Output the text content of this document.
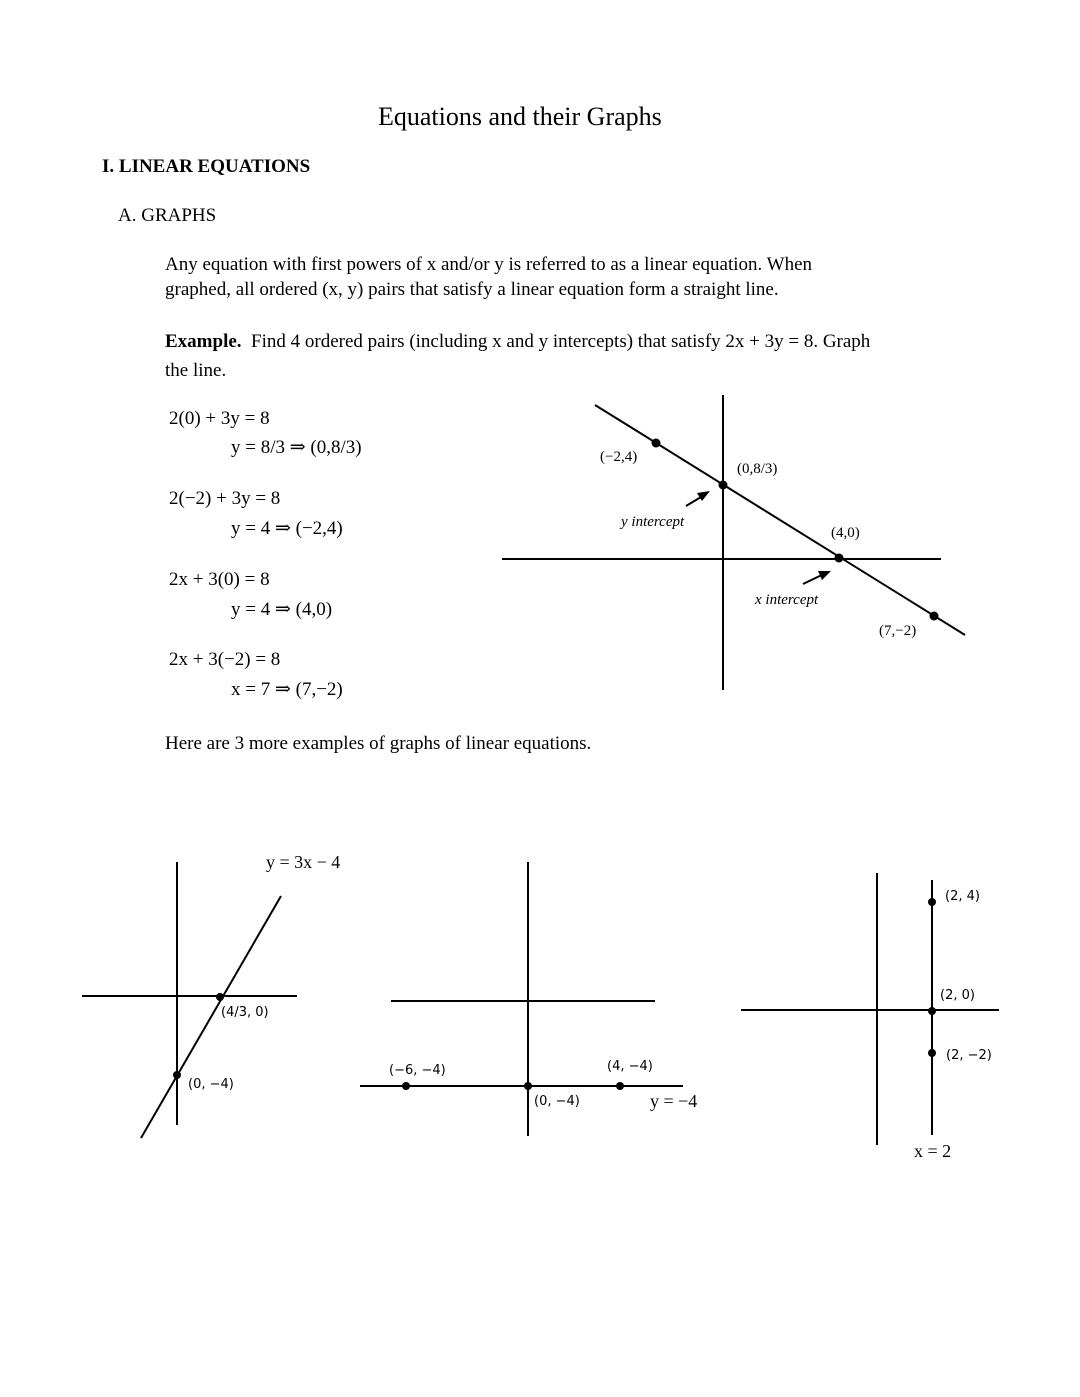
Equations and their Graphs
I. LINEAR EQUATIONS
A. GRAPHS
Any equation with first powers of x and/or y is referred to as a linear equation. When
graphed, all ordered (x, y) pairs that satisfy a linear equation form a straight line.
Example. Find 4 ordered pairs (including x and y intercepts) that satisfy 2x + 3y = 8. Graph
the line.
2(0) + 3y = 8
y = 8/3 ⇒ (0,8/3)
2(−2) + 3y = 8
y = 4 ⇒ (−2,4)
2x + 3(0) = 8
y = 4 ⇒ (4,0)
2x + 3(−2) = 8
x = 7 ⇒ (7,−2)
(−2,4)
(0,8/3)
(4,0)
(7,−2)
y intercept
x intercept
Here are 3 more examples of graphs of linear equations.
y = 3x − 4
(4/3, 0)
(0, −4)
(−6, −4)	(4, −4)
(0, −4)	y = −4
(2, 4)
(2, 0)
(2, −2)
x = 2
